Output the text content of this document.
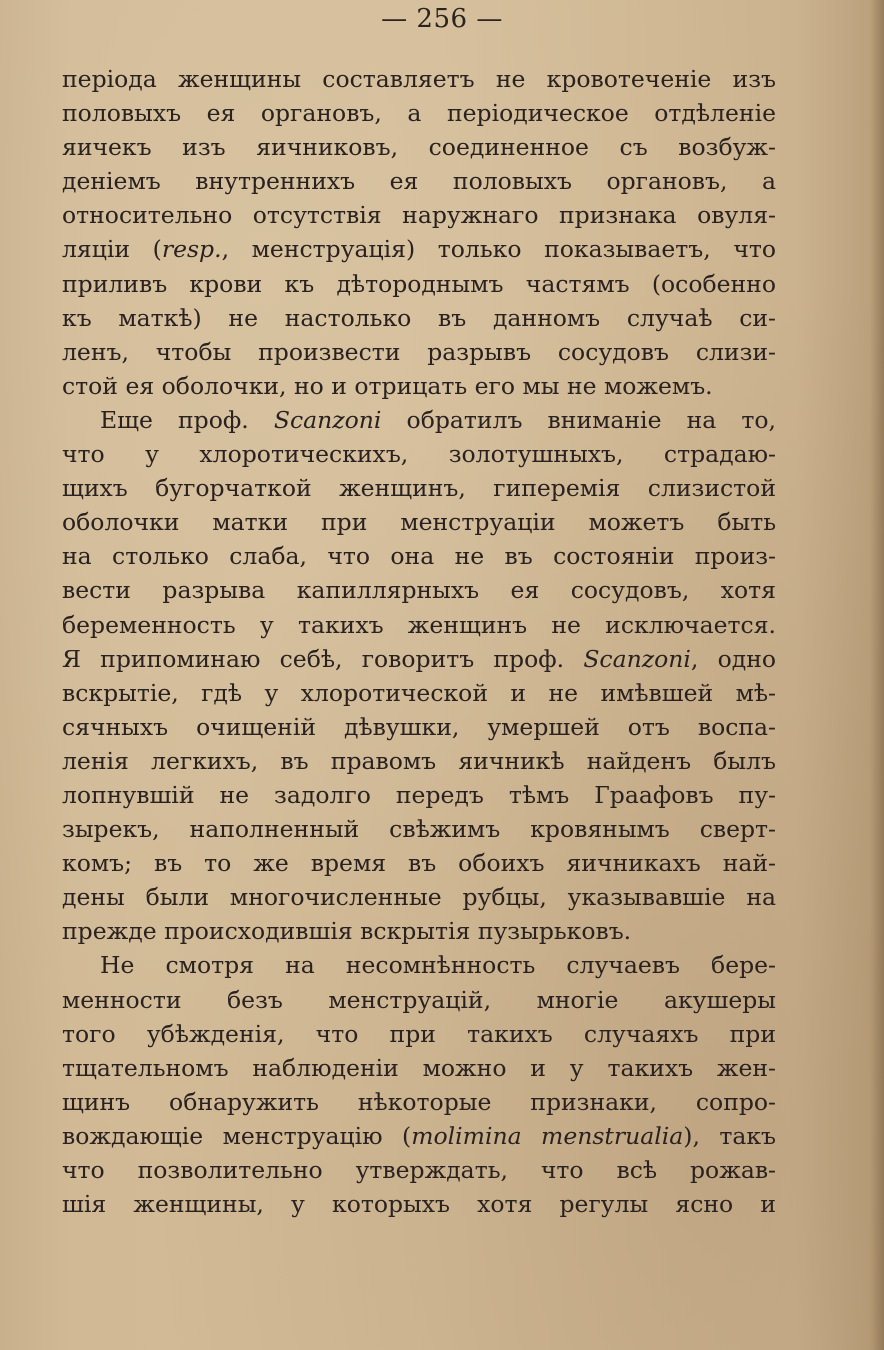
— 256 —
періода женщины составляетъ не кровотеченіе изъ
половыхъ ея органовъ, а періодическое отдѣленіе
яичекъ изъ яичниковъ, соединенное съ возбуж-
деніемъ внутреннихъ ея половыхъ органовъ, а
относительно отсутствія наружнаго признака овуля-
ляціи (resp., менструація) только показываетъ, что
приливъ крови къ дѣтороднымъ частямъ (особенно
къ маткѣ) не настолько въ данномъ случаѣ си-
ленъ, чтобы произвести разрывъ сосудовъ слизи-
стой ея оболочки, но и отрицать его мы не можемъ.
Еще проф. Scanzoni обратилъ вниманіе на то,
что у хлоротическихъ, золотушныхъ, страдаю-
щихъ бугорчаткой женщинъ, гиперемія слизистой
оболочки матки при менструаціи можетъ быть
на столько слаба, что она не въ состояніи произ-
вести разрыва капиллярныхъ ея сосудовъ, хотя
беременность у такихъ женщинъ не исключается.
Я припоминаю себѣ, говоритъ проф. Scanzoni, одно
вскрытіе, гдѣ у хлоротической и не имѣвшей мѣ-
сячныхъ очищеній дѣвушки, умершей отъ воспа-
ленія легкихъ, въ правомъ яичникѣ найденъ былъ
лопнувшій не задолго передъ тѣмъ Граафовъ пу-
зырекъ, наполненный свѣжимъ кровянымъ сверт-
комъ; въ то же время въ обоихъ яичникахъ най-
дены были многочисленные рубцы, указывавшіе на
прежде происходившія вскрытія пузырьковъ.
Не смотря на несомнѣнность случаевъ бере-
менности безъ менструацій, многіе акушеры
того убѣжденія, что при такихъ случаяхъ при
тщательномъ наблюденіи можно и у такихъ жен-
щинъ обнаружить нѣкоторые признаки, сопро-
вождающіе менструацію (molimina menstrualia), такъ
что позволительно утверждать, что всѣ рожав-
шія женщины, у которыхъ хотя регулы ясно и
